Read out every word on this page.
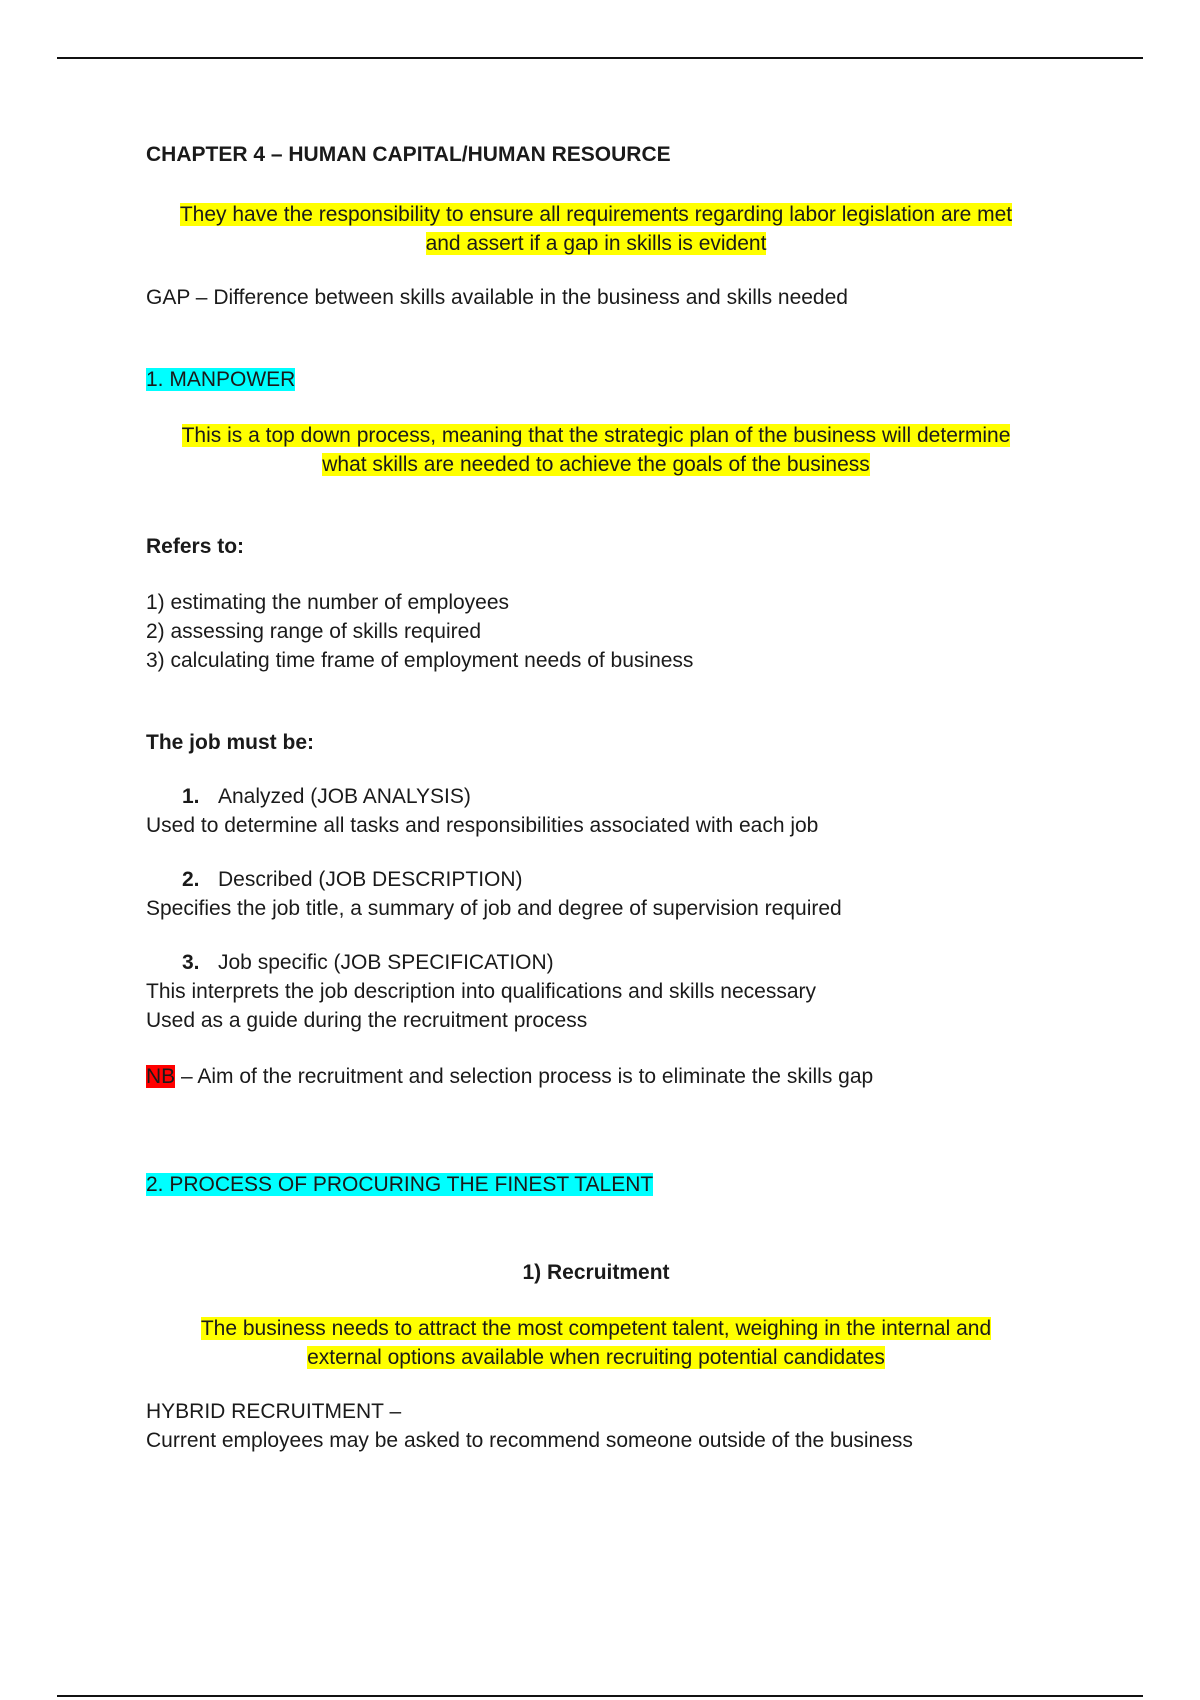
CHAPTER 4 – HUMAN CAPITAL/HUMAN RESOURCE

They have the responsibility to ensure all requirements regarding labor legislation are met
and assert if a gap in skills is evident

GAP – Difference between skills available in the business and skills needed

1. MANPOWER

This is a top down process, meaning that the strategic plan of the business will determine
what skills are needed to achieve the goals of the business

Refers to:

1) estimating the number of employees
2) assessing range of skills required
3) calculating time frame of employment needs of business

The job must be:

1. Analyzed (JOB ANALYSIS)
Used to determine all tasks and responsibilities associated with each job
2. Described (JOB DESCRIPTION)
Specifies the job title, a summary of job and degree of supervision required
3. Job specific (JOB SPECIFICATION)
This interprets the job description into qualifications and skills necessary
Used as a guide during the recruitment process

NB – Aim of the recruitment and selection process is to eliminate the skills gap

2. PROCESS OF PROCURING THE FINEST TALENT

1) Recruitment

The business needs to attract the most competent talent, weighing in the internal and
external options available when recruiting potential candidates
HYBRID RECRUITMENT –
Current employees may be asked to recommend someone outside of the business
